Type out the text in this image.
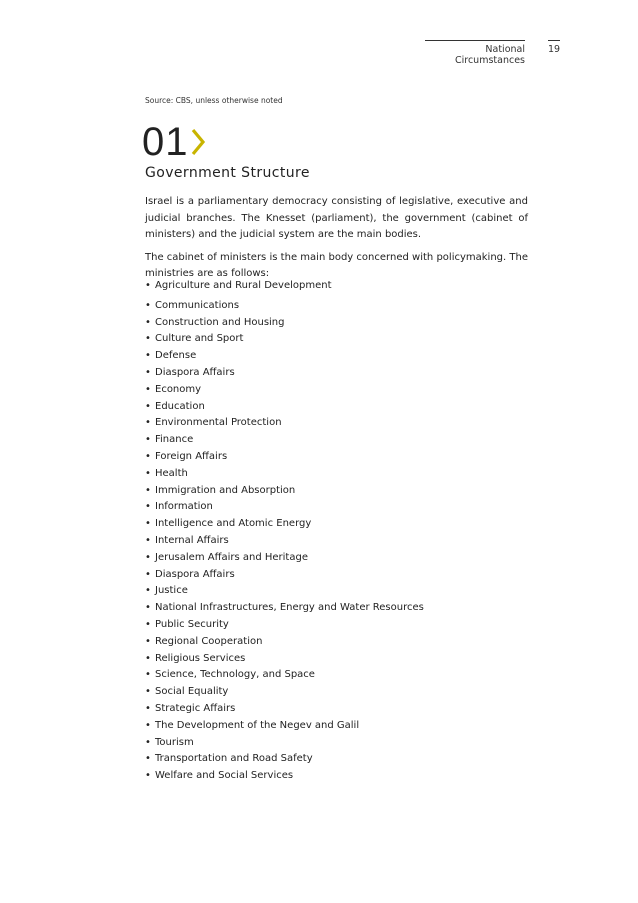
National Circumstances
19
Source: CBS, unless otherwise noted
01
Government Structure

Israel is a parliamentary democracy consisting of legislative, executive and judicial branches. The Knesset (parliament), the government (cabinet of ministers) and the judicial system are the main bodies.

The cabinet of ministers is the main body concerned with policymaking. The ministries are as follows:

• Agriculture and Rural Development
• Communications
• Construction and Housing
• Culture and Sport
• Defense
• Diaspora Affairs
• Economy
• Education
• Environmental Protection
• Finance
• Foreign Affairs
• Health
• Immigration and Absorption
• Information
• Intelligence and Atomic Energy
• Internal Affairs
• Jerusalem Affairs and Heritage
• Diaspora Affairs
• Justice
• National Infrastructures, Energy and Water Resources
• Public Security
• Regional Cooperation
• Religious Services
• Science, Technology, and Space
• Social Equality
• Strategic Affairs
• The Development of the Negev and Galil
• Tourism
• Transportation and Road Safety
• Welfare and Social Services
